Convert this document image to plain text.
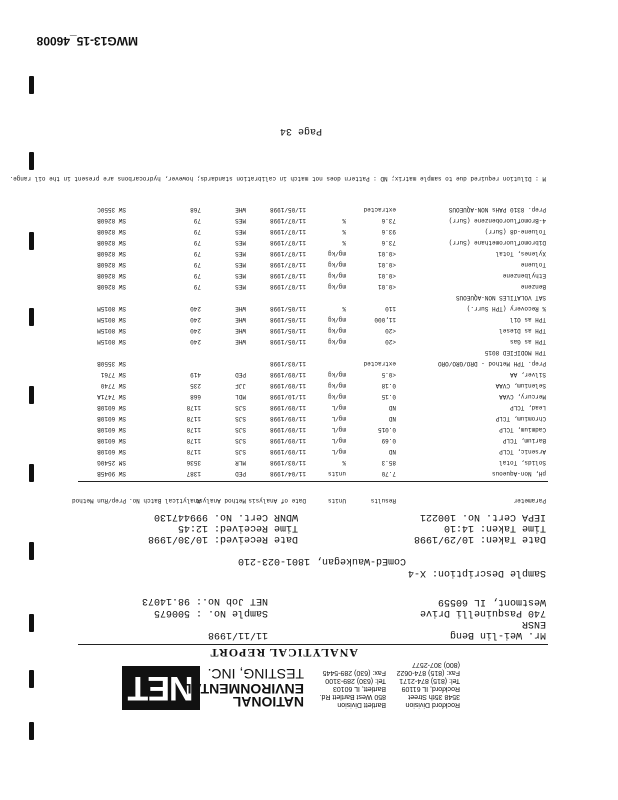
NET	NATIONAL
ENVIRONMENTAL
TESTING, INC.
Bartlett Division
850 West Bartlett Rd.
Bartlett, IL 60103
Tel: (630) 289-3100
Fax: (630) 289-5445
Rockford Division
3548 35th Street
Rockford, IL 61109
Tel: (815) 874-2171
Fax: (815) 874-0622
(800) 307-2577
ANALYTICAL REPORT
Mr. Wei-lin Beng
ENSR
740 Pasquinelli Drive
Westmont, IL 60559
11/11/1998
Sample No. : 500675
NET Job No.: 98.14073
Sample Description: X-4
ComEd-Waukegan, 1801-023-210
Date Taken: 10/29/1998
Time Taken: 14:10
IEPA Cert. No. 100221
Date Received: 10/30/1998
Time Received: 12:45
WDNR Cert. No. 999447130
Parameter
Results
Units
Date of Analysis
Method Analyst
Analytical Batch No.
Prep/Run Method
pH, Non-Aqueous
7.70
units
11/04/1998
PED
1387
SW 9045B
Solids, Total
85.3
%
11/03/1998
MLR
3536
SM 2540G
Arsenic, TCLP
ND
mg/L
11/09/1998
SJS
1178
SW 6010B
Barium, TCLP
0.69
mg/L
11/09/1998
SJS
1178
SW 6010B
Cadmium, TCLP
0.015
mg/L
11/09/1998
SJS
1178
SW 6010B
Chromium, TCLP
ND
mg/L
11/09/1998
SJS
1178
SW 6010B
Lead, TCLP
ND
mg/L
11/09/1998
SJS
1178
SW 6010B
Mercury, CVAA
0.15
mg/kg
11/10/1998
MDL
668
SW 7471A
Selenium, CVAA
0.18
mg/kg
11/09/1998
JJF
235
SW 7740
Silver, AA
<0.5
mg/kg
11/09/1998
PED
419
SW 7761
Prep. TPH Method - DRO/GRO/ORO
extracted
11/03/1998
SW 3550B
TPH MODIFIED 8015
TPH as Gas
<20
mg/kg
11/05/1998
WHE
240
SW 8015M
TPH as Diesel
<20
mg/kg
11/05/1998
WHE
240
SW 8015M
TPH as Oil
11,000
mg/kg
11/05/1998
WHE
240
SW 8015M
% Recovery (TPH Surr.)
110
%
11/05/1998
WHE
240
SW 8015M
SAT VOLATILES NON-AQUEOUS
Benzene
<0.01
mg/kg
11/07/1998
MES
79
SW 8260B
Ethylbenzene
<0.01
mg/kg
11/07/1998
MES
79
SW 8260B
Toluene
<0.01
mg/kg
11/07/1998
MES
79
SW 8260B
Xylenes, Total
<0.01
mg/kg
11/07/1998
MES
79
SW 8260B
Dibromofluoromethane (Surr)
73.6
%
11/07/1998
MES
79
SW 8260B
Toluene-d8 (Surr)
93.6
%
11/07/1998
MES
79
SW 8260B
4-Bromofluorobenzene (Surr)
73.6
%
11/07/1998
MES
79
SW 8260B
Prep. 8310 PAHs NON-AQUEOUS
extracted
11/05/1998
WHE
768
SW 3550C
M : Dilution required due to sample matrix; ND : Pattern does not match in calibration standards; however, hydrocarbons are present in the oil range.
Page 34
MWG13-15_46008
